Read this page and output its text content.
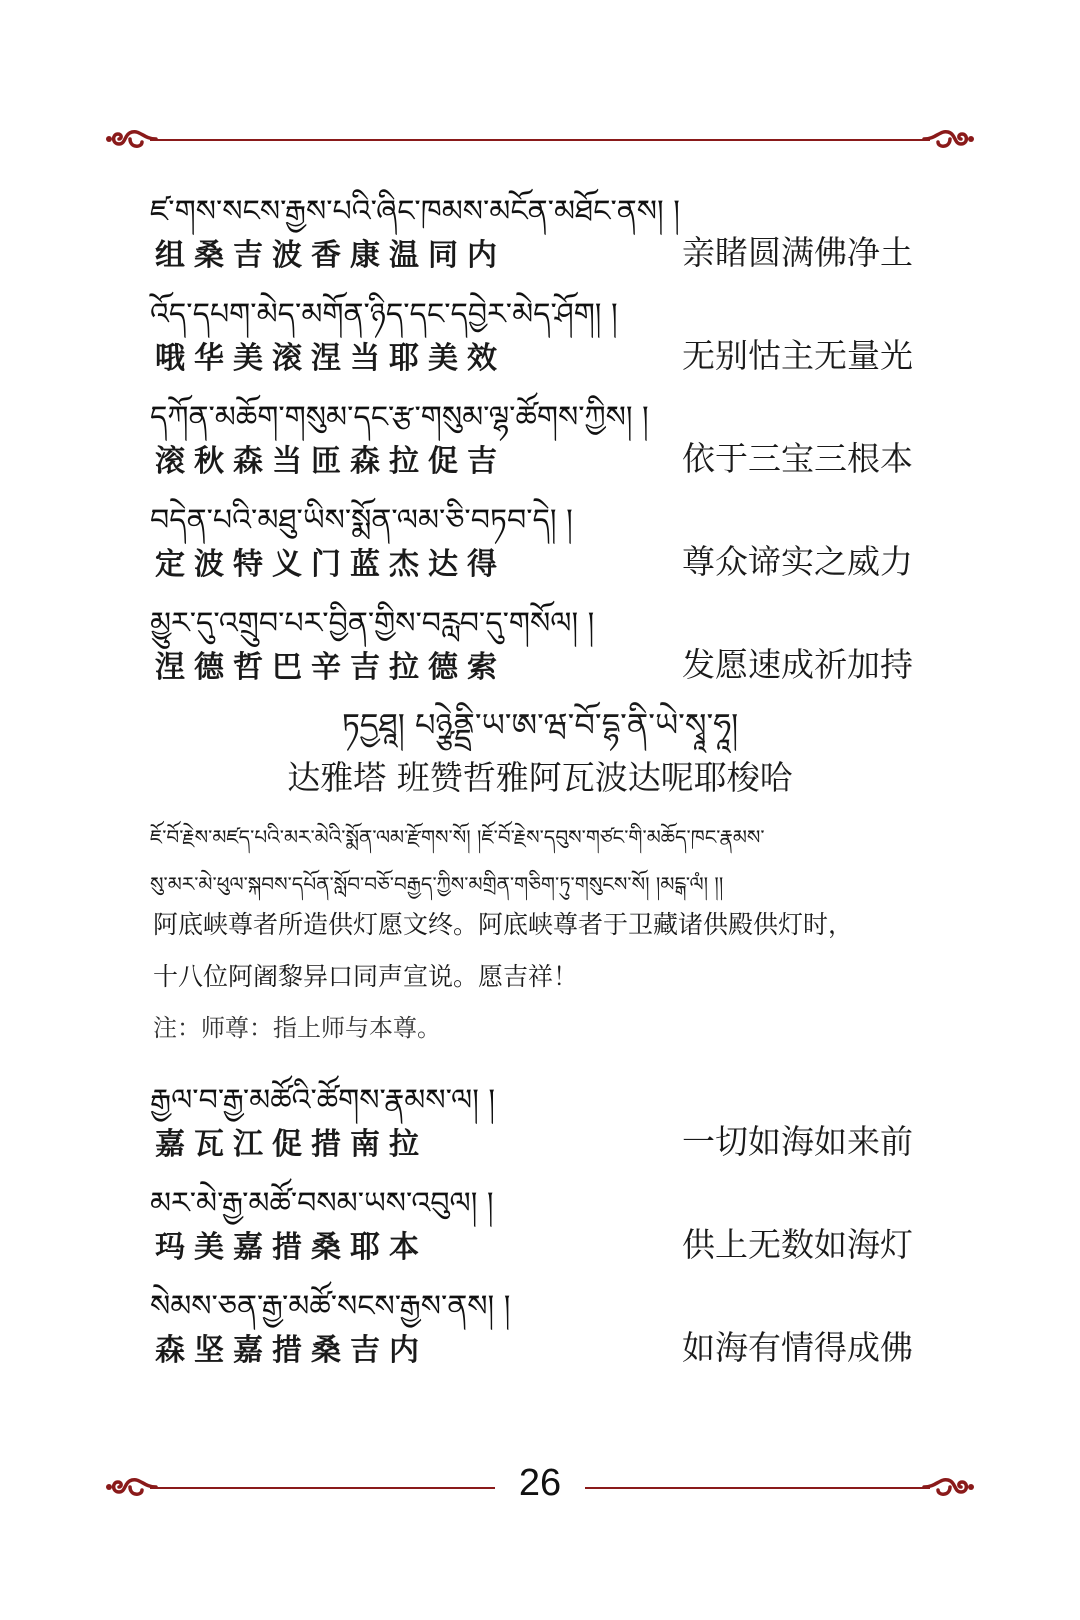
ཛ་གས་སངས་རྒྱས་པའི་ཞིང་ཁམས་མངོན་མཐོང་ནས། །
组桑吉波香康温同内	亲睹圆满佛净土
འོད་དཔག་མེད་མགོན་ཉིད་དང་དབྱེར་མེད་ཤོག། །
哦华美滚涅当耶美效	无别怙主无量光
དཀོན་མཆོག་གསུམ་དང་རྩ་གསུམ་ལྷ་ཚོགས་ཀྱིས། །
滚秋森当匝森拉促吉	依于三宝三根本
བདེན་པའི་མཐུ་ཡིས་སྨོན་ལམ་ཅི་བཏབ་དེ། །
定波特义门蓝杰达得	尊众谛实之威力
མྱུར་དུ་འགྲུབ་པར་བྱིན་གྱིས་བརླབ་དུ་གསོལ། །
涅德哲巴辛吉拉德索	发愿速成祈加持
ཏདྱཐཱ། པཉྩེནྡྲི་ཡ་ཨ་ཝ་བོ་དྷ་ནི་ཡེ་སྭཱ་ཧཱ།
达雅塔 班赞哲雅阿瓦波达呢耶梭哈
ཇོ་བོ་རྗེས་མཛད་པའི་མར་མེའི་སྨོན་ལམ་རྫོགས་སོ། །ཇོ་བོ་རྗེས་དབུས་གཙང་གི་མཆོད་ཁང་རྣམས་
སུ་མར་མེ་ཕུལ་སྐབས་དཔོན་སློབ་བཅོ་བརྒྱད་ཀྱིས་མགྲིན་གཅིག་ཏུ་གསུངས་སོ། །མངྒ་ལཾ། །།
阿底峡尊者所造供灯愿文终。阿底峡尊者于卫藏诸供殿供灯时，
十八位阿阇黎异口同声宣说。愿吉祥！
注：师尊：指上师与本尊。
རྒྱལ་བ་རྒྱ་མཚོའི་ཚོགས་རྣམས་ལ། །
嘉瓦江促措南拉	一切如海如来前
མར་མེ་རྒྱ་མཚོ་བསམ་ཡས་འབུལ། །
玛美嘉措桑耶本	供上无数如海灯
སེམས་ཅན་རྒྱ་མཚོ་སངས་རྒྱས་ནས། །
森坚嘉措桑吉内	如海有情得成佛
26
